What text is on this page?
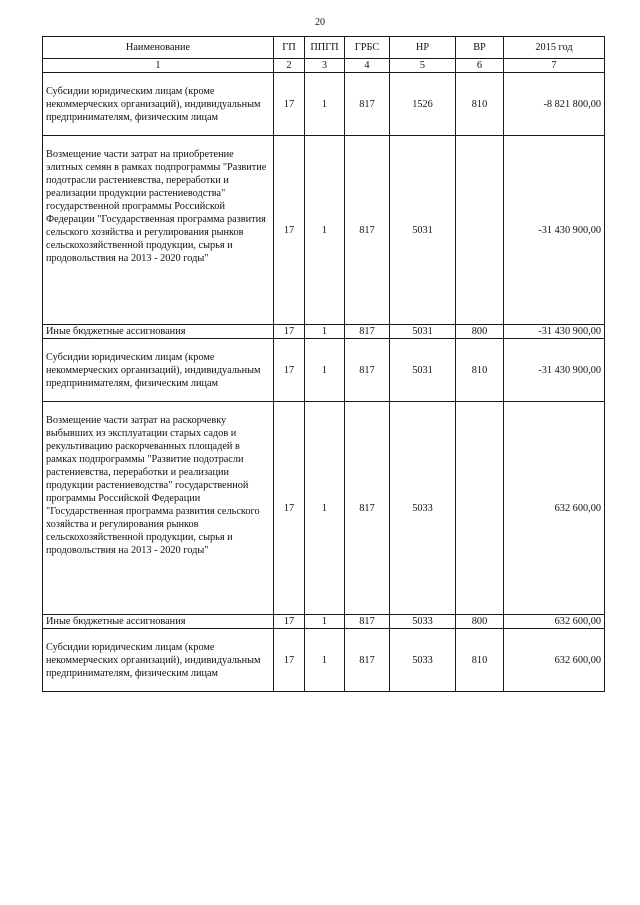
20
Наименование	ГП	ППГП	ГРБС	НР	ВР	2015 год
1	2	3	4	5	6	7
Субсидии юридическим лицам (кроме некоммерческих организаций), индивидуальным предпринимателям, физическим лицам	17	1	817	1526	810	-8 821 800,00
Возмещение части затрат на приобретение элитных семян в рамках подпрограммы "Развитие подотрасли растениевства, переработки и реализации продукции растениеводства" государственной программы Российской Федерации "Государственная программа развития сельского хозяйства и регулирования рынков сельскохозяйственной продукции, сырья и продовольствия на 2013 - 2020 годы"	17	1	817	5031		-31 430 900,00
Иные бюджетные ассигнования	17	1	817	5031	800	-31 430 900,00
Субсидии юридическим лицам (кроме некоммерческих организаций), индивидуальным предпринимателям, физическим лицам	17	1	817	5031	810	-31 430 900,00
Возмещение части затрат на раскорчевку выбывших из эксплуатации старых садов и рекультивацию раскорчеванных площадей в рамках подпрограммы "Развитие подотрасли растениевства, переработки и реализации продукции растениеводства" государственной программы Российской Федерации "Государственная программа развития сельского хозяйства и регулирования рынков сельскохозяйственной продукции, сырья и продовольствия на 2013 - 2020 годы"	17	1	817	5033		632 600,00
Иные бюджетные ассигнования	17	1	817	5033	800	632 600,00
Субсидии юридическим лицам (кроме некоммерческих организаций), индивидуальным предпринимателям, физическим лицам	17	1	817	5033	810	632 600,00
